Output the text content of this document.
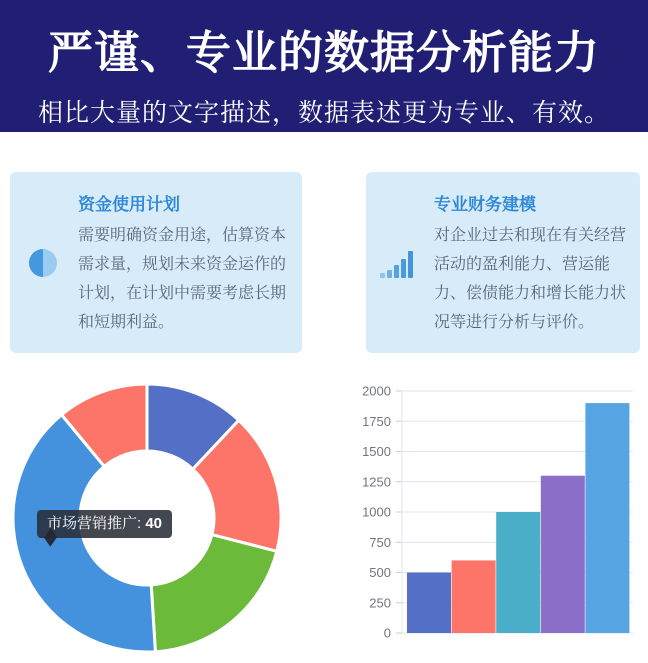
严谨、专业的数据分析能力

相比大量的文字描述，数据表述更为专业、有效。

资金使用计划

需要明确资金用途，估算资本需求量，规划未来资金运作的计划，在计划中需要考虑长期和短期利益。

专业财务建模

对企业过去和现在有关经营活动的盈利能力、营运能力、偿债能力和增长能力状况等进行分析与评价。

市场营销推广: 40
0
250
500
750
1000
1250
1500
1750
2000
